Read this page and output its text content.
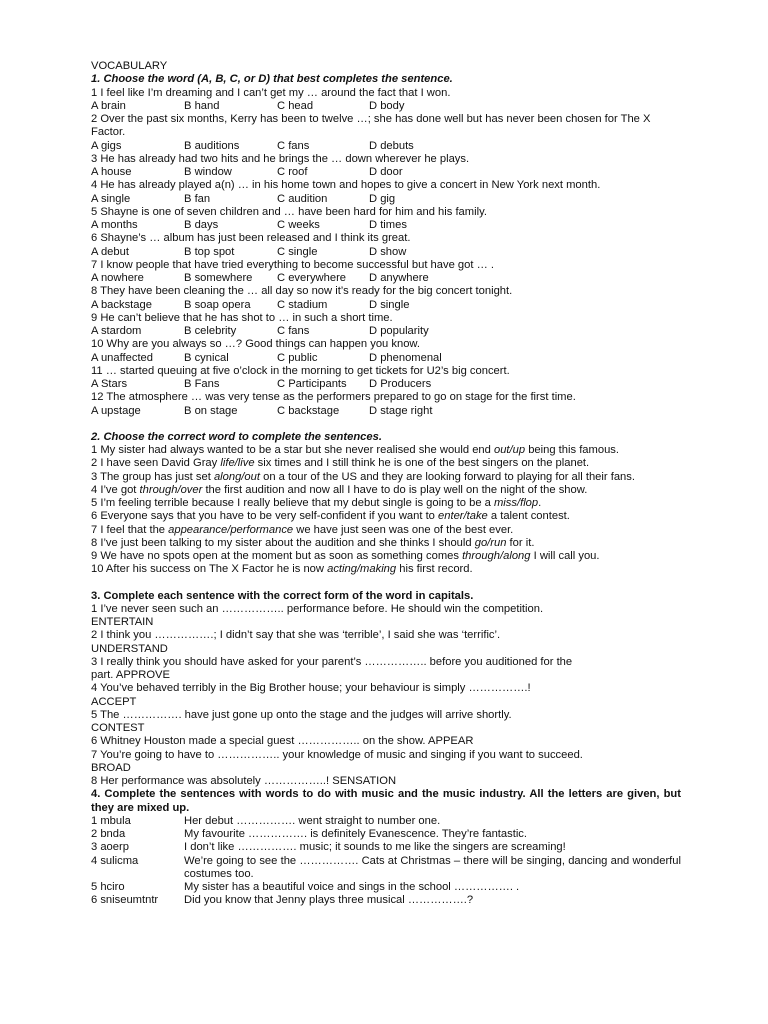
VOCABULARY

1. Choose the word (A, B, C, or D) that best completes the sentence.

1 I feel like I’m dreaming and I can’t get my … around the fact that I won.

A brain	B hand	C head	D body

2 Over the past six months, Kerry has been to twelve …; she has done well but has never been chosen for The X Factor.

A gigs	B auditions	C fans	D debuts

3 He has already had two hits and he brings the … down wherever he plays.

A house	B window	C roof	D door

4 He has already played a(n) … in his home town and hopes to give a concert in New York next month.

A single	B fan	C audition	D gig

5 Shayne is one of seven children and … have been hard for him and his family.

A months	B days	C weeks	D times

6 Shayne’s … album has just been released and I think its great.

A debut	B top spot	C single	D show

7 I know people that have tried everything to become successful but have got … .

A nowhere	B somewhere	C everywhere	D anywhere

8 They have been cleaning the … all day so now it’s ready for the big concert tonight.

A backstage	B soap opera	C stadium	D single

9 He can’t believe that he has shot to … in such a short time.

A stardom	B celebrity	C fans	D popularity

10 Why are you always so …? Good things can happen you know.

A unaffected	B cynical	C public	D phenomenal

11 … started queuing at five o’clock in the morning to get tickets for U2’s big concert.

A Stars	B Fans	C Participants	D Producers

12 The atmosphere … was very tense as the performers prepared to go on stage for the first time.

A upstage	B on stage	C backstage	D stage right

2. Choose the correct word to complete the sentences.

1 My sister had always wanted to be a star but she never realised she would end out/up being this famous.

2 I have seen David Gray life/live six times and I still think he is one of the best singers on the planet.

3 The group has just set along/out on a tour of the US and they are looking forward to playing for all their fans.

4 I’ve got through/over the first audition and now all I have to do is play well on the night of the show.

5 I’m feeling terrible because I really believe that my debut single is going to be a miss/flop.

6 Everyone says that you have to be very self-confident if you want to enter/take a talent contest.

7 I feel that the appearance/performance we have just seen was one of the best ever.

8 I’ve just been talking to my sister about the audition and she thinks I should go/run for it.

9 We have no spots open at the moment but as soon as something comes through/along I will call you.

10 After his success on The X Factor he is now acting/making his first record.

3. Complete each sentence with the correct form of the word in capitals.

1 I’ve never seen such an …………….. performance before. He should win the competition.

ENTERTAIN

2 I think you …………….; I didn’t say that she was ‘terrible’, I said she was ‘terrific’.

UNDERSTAND

3 I really think you should have asked for your parent’s …………….. before you auditioned for the

part. APPROVE

4 You’ve behaved terribly in the Big Brother house; your behaviour is simply …………….!

ACCEPT

5 The ……………. have just gone up onto the stage and the judges will arrive shortly.

CONTEST

6 Whitney Houston made a special guest …………….. on the show. APPEAR

7 You’re going to have to …………….. your knowledge of music and singing if you want to succeed.

BROAD

8 Her performance was absolutely ……………..! SENSATION

4. Complete the sentences with words to do with music and the music industry. All the letters are given, but they are mixed up.

1 mbula	Her debut ……………. went straight to number one.
2 bnda	My favourite ……………. is definitely Evanescence. They’re fantastic.
3 aoerp	I don’t like ……………. music; it sounds to me like the singers are screaming!
4 sulicma	We’re going to see the ……………. Cats at Christmas – there will be singing, dancing and wonderful costumes too.
5 hciro	My sister has a beautiful voice and sings in the school ……………. .
6 sniseumtntr	Did you know that Jenny plays three musical …………….?
